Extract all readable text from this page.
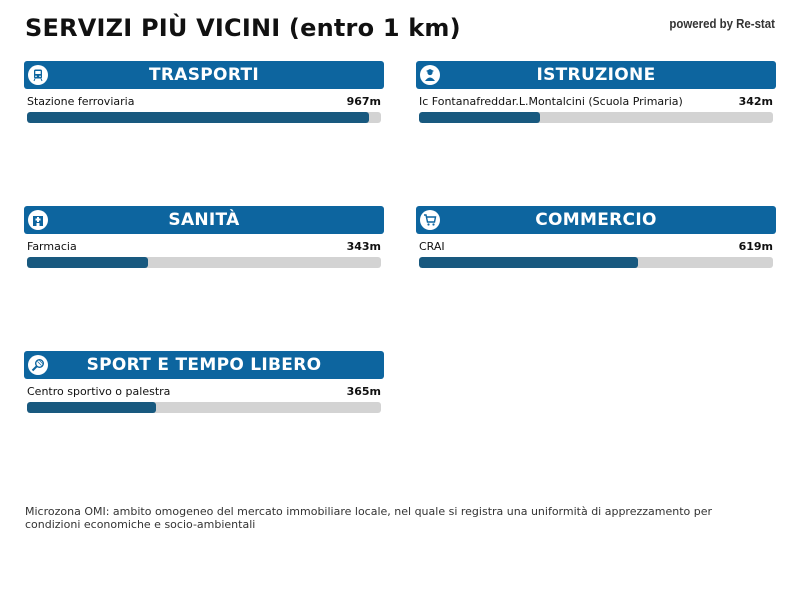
SERVIZI PIÙ VICINI (entro 1 km)	powered by Re-stat
TRASPORTI
Stazione ferroviaria	967m
ISTRUZIONE
Ic Fontanafreddar.L.Montalcini (Scuola Primaria)	342m
SANITÀ
Farmacia	343m
COMMERCIO
CRAI	619m
SPORT E TEMPO LIBERO
Centro sportivo o palestra	365m
Microzona OMI: ambito omogeneo del mercato immobiliare locale, nel quale si registra una uniformità di apprezzamento per condizioni economiche e socio-ambientali
